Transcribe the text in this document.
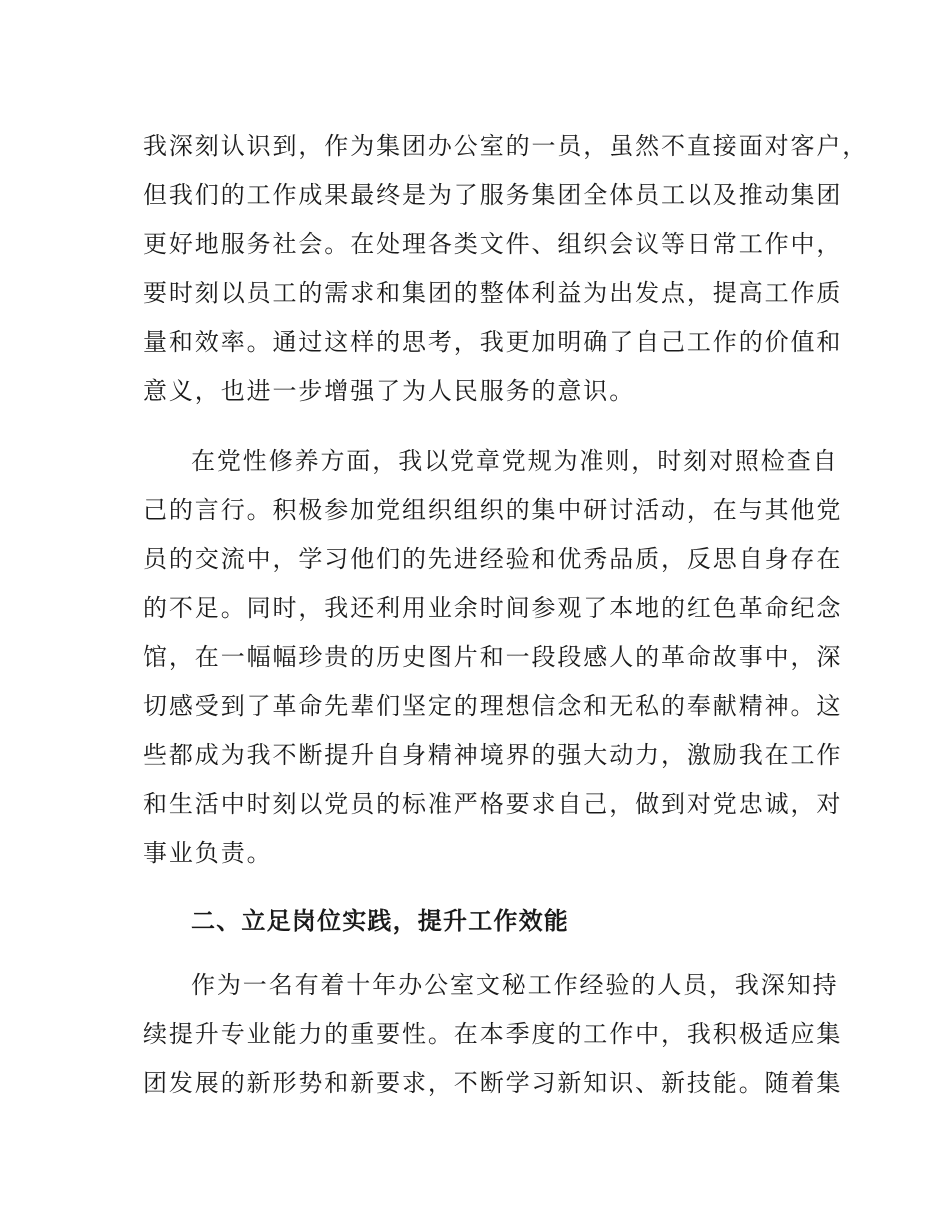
我深刻认识到，作为集团办公室的一员，虽然不直接面对客户，
但我们的工作成果最终是为了服务集团全体员工以及推动集团
更好地服务社会。在处理各类文件、组织会议等日常工作中，
要时刻以员工的需求和集团的整体利益为出发点，提高工作质
量和效率。通过这样的思考，我更加明确了自己工作的价值和
意义，也进一步增强了为人民服务的意识。
在党性修养方面，我以党章党规为准则，时刻对照检查自
己的言行。积极参加党组织组织的集中研讨活动，在与其他党
员的交流中，学习他们的先进经验和优秀品质，反思自身存在
的不足。同时，我还利用业余时间参观了本地的红色革命纪念
馆，在一幅幅珍贵的历史图片和一段段感人的革命故事中，深
切感受到了革命先辈们坚定的理想信念和无私的奉献精神。这
些都成为我不断提升自身精神境界的强大动力，激励我在工作
和生活中时刻以党员的标准严格要求自己，做到对党忠诚，对
事业负责。
二、立足岗位实践，提升工作效能
作为一名有着十年办公室文秘工作经验的人员，我深知持
续提升专业能力的重要性。在本季度的工作中，我积极适应集
团发展的新形势和新要求，不断学习新知识、新技能。随着集
